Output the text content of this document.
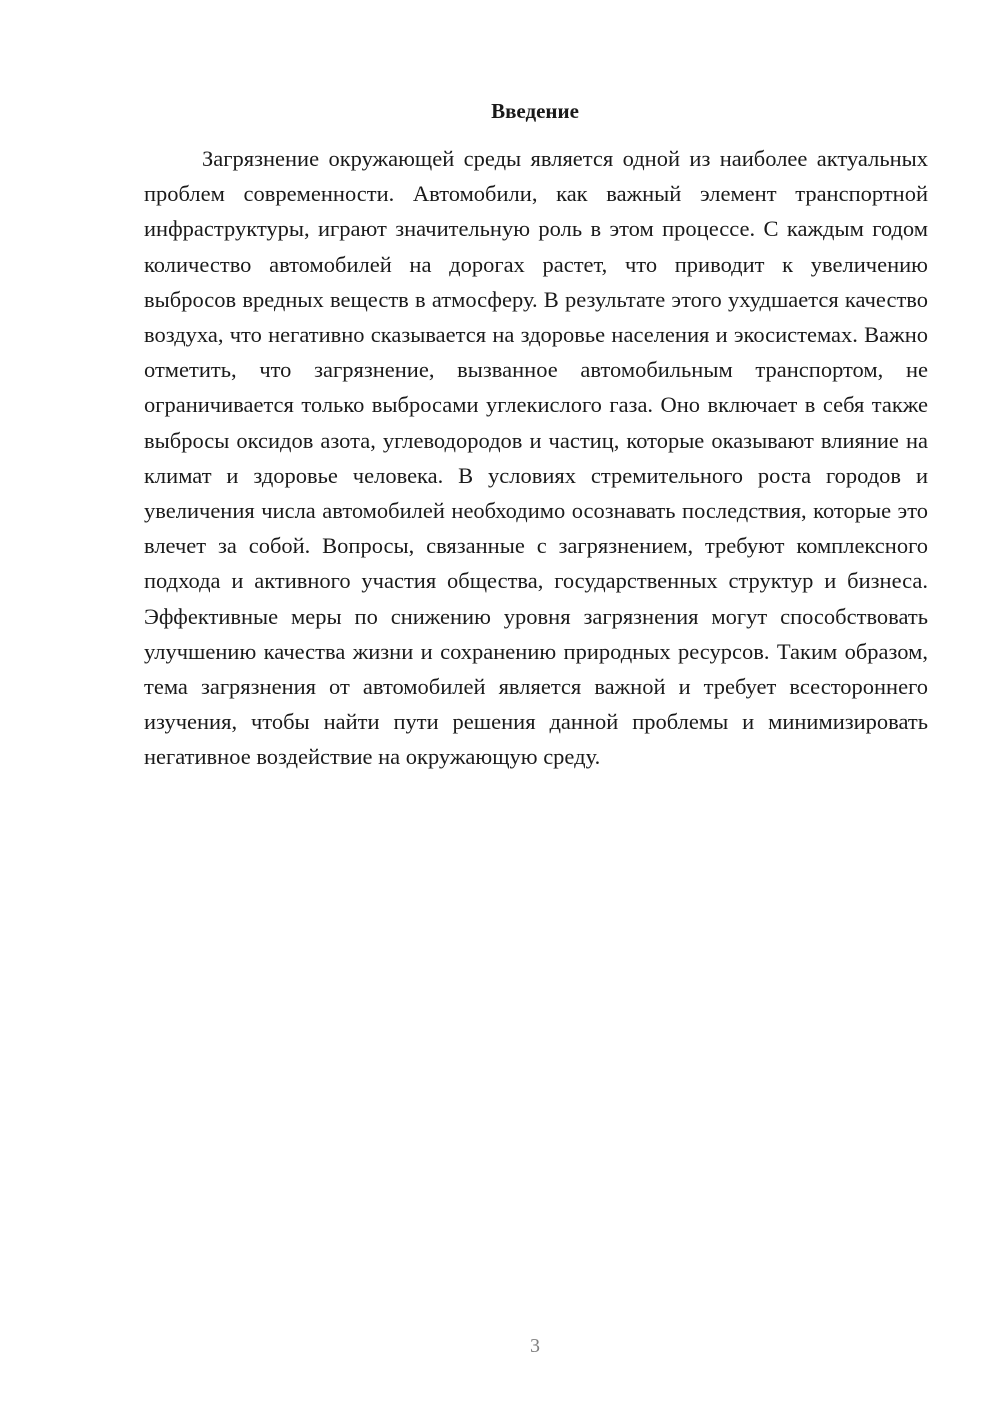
Введение

Загрязнение окружающей среды является одной из наиболее актуальных проблем современности. Автомобили, как важный элемент транспортной инфраструктуры, играют значительную роль в этом процессе. С каждым годом количество автомобилей на дорогах растет, что приводит к увеличению выбросов вредных веществ в атмосферу. В результате этого ухудшается качество воздуха, что негативно сказывается на здоровье населения и экосистемах. Важно отметить, что загрязнение, вызванное автомобильным транспортом, не ограничивается только выбросами углекислого газа. Оно включает в себя также выбросы оксидов азота, углеводородов и частиц, которые оказывают влияние на климат и здоровье человека. В условиях стремительного роста городов и увеличения числа автомобилей необходимо осознавать последствия, которые это влечет за собой. Вопросы, связанные с загрязнением, требуют комплексного подхода и активного участия общества, государственных структур и бизнеса. Эффективные меры по снижению уровня загрязнения могут способствовать улучшению качества жизни и сохранению природных ресурсов. Таким образом, тема загрязнения от автомобилей является важной и требует всестороннего изучения, чтобы найти пути решения данной проблемы и минимизировать негативное воздействие на окружающую среду.

3
